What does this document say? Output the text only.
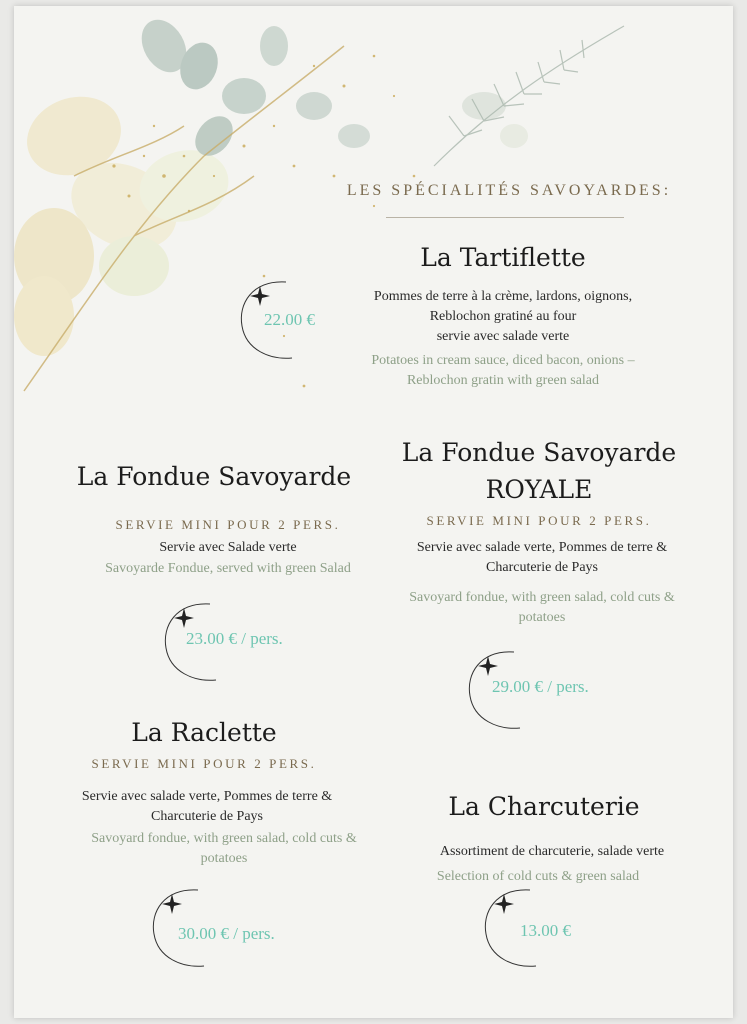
LES SPÉCIALITÉS SAVOYARDES:
La Tartiflette
Pommes de terre à la crème, lardons, oignons,
Reblochon gratiné au four
servie avec salade verte
Potatoes in cream sauce, diced bacon, onions –
Reblochon gratin with green salad
22.00 €
La Fondue Savoyarde
SERVIE MINI POUR 2 PERS.
Servie avec Salade verte
Savoyarde Fondue, served with green Salad
23.00 € / pers.
La Fondue Savoyarde
ROYALE
SERVIE MINI POUR 2 PERS.
Servie avec salade verte, Pommes de terre &
Charcuterie de Pays
Savoyard fondue, with green salad, cold cuts &
potatoes
29.00 € / pers.
La Raclette
SERVIE MINI POUR 2 PERS.
Servie avec salade verte, Pommes de terre &
Charcuterie de Pays
Savoyard fondue, with green salad, cold cuts &
potatoes
30.00 € / pers.
La Charcuterie
Assortiment de charcuterie, salade verte
Selection of cold cuts & green salad
13.00 €
